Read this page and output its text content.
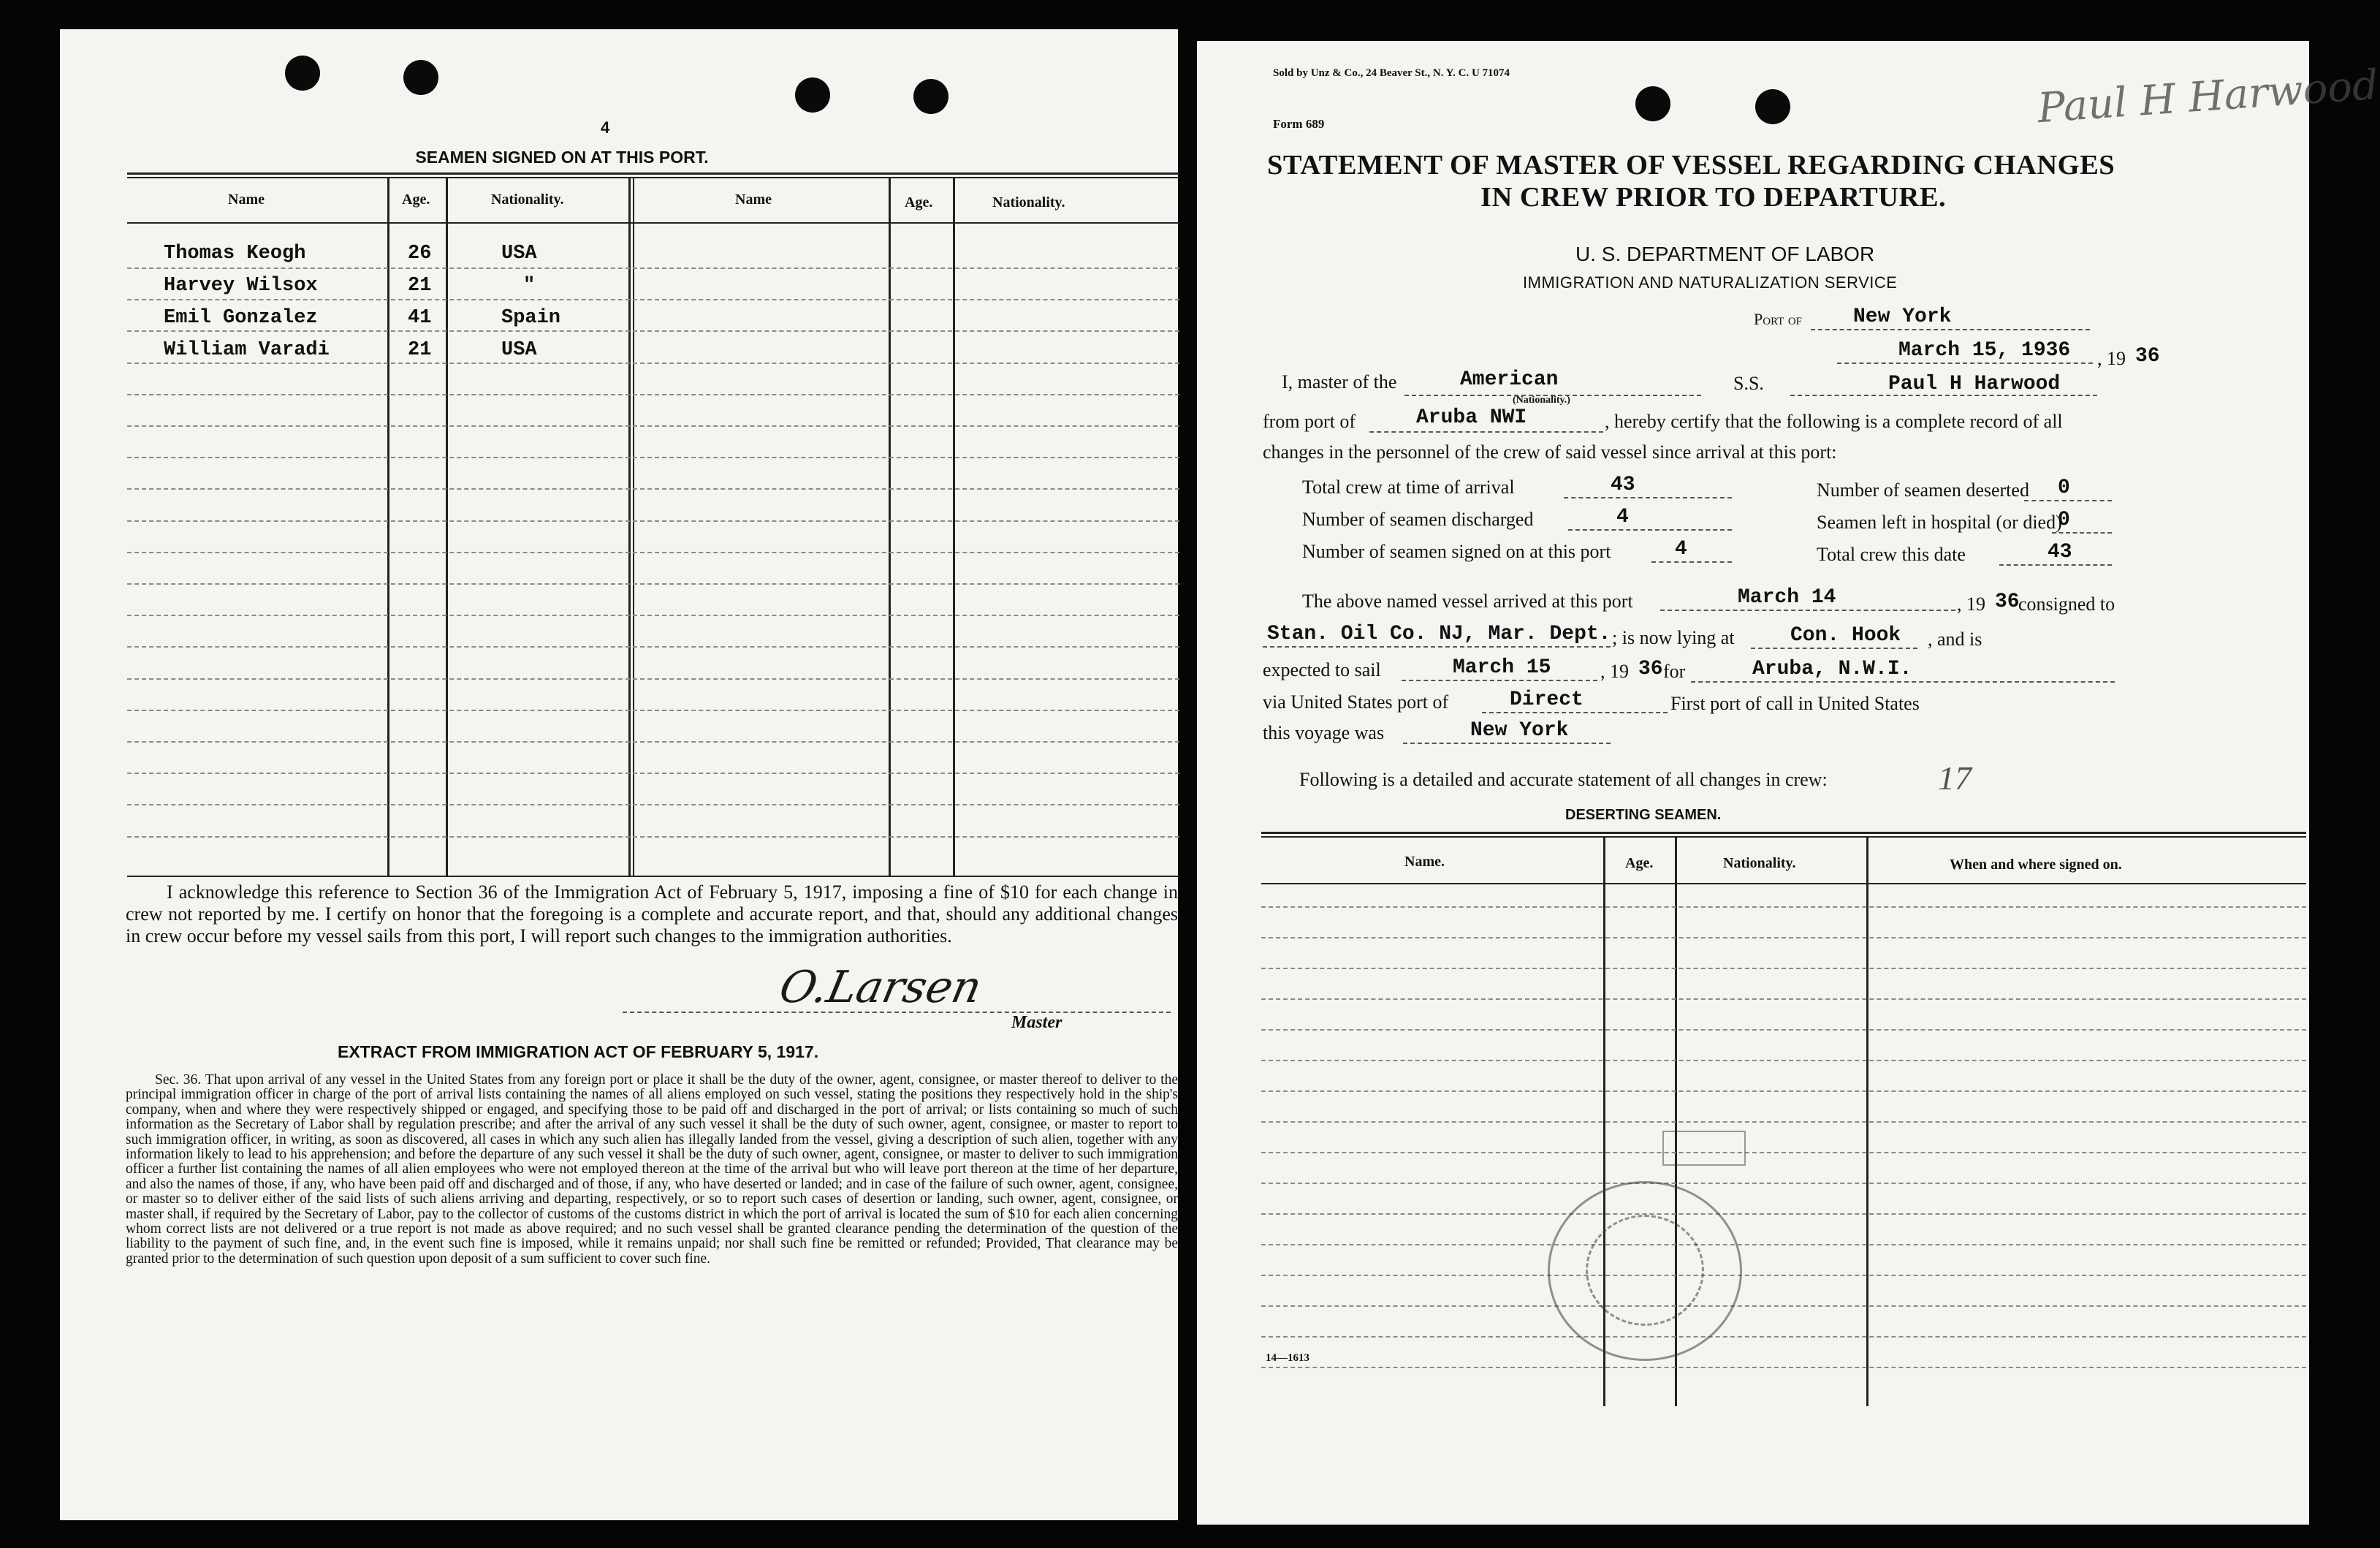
4
SEAMEN SIGNED ON AT THIS PORT.
Name	Age.	Nationality.	Name	Age.	Nationality.
Thomas Keogh	26	USA
Harvey Wilsox	21	"
Emil Gonzalez	41	Spain
William Varadi	21	USA
I acknowledge this reference to Section 36 of the Immigration Act of February 5, 1917, imposing a fine of $10 for each change in crew not reported by me. I certify on honor that the foregoing is a complete and accurate report, and that, should any additional changes in crew occur before my vessel sails from this port, I will report such changes to the immigration authorities.
O.Larsen
Master
EXTRACT FROM IMMIGRATION ACT OF FEBRUARY 5, 1917.
Sec. 36. That upon arrival of any vessel in the United States from any foreign port or place it shall be the duty of the owner, agent, consignee, or master thereof to deliver to the principal immigration officer in charge of the port of arrival lists containing the names of all aliens employed on such vessel, stating the positions they respectively hold in the ship's company, when and where they were respectively shipped or engaged, and specifying those to be paid off and discharged in the port of arrival; or lists containing so much of such information as the Secretary of Labor shall by regulation prescribe; and after the arrival of any such vessel it shall be the duty of such owner, agent, consignee, or master to report to such immigration officer, in writing, as soon as discovered, all cases in which any such alien has illegally landed from the vessel, giving a description of such alien, together with any information likely to lead to his apprehension; and before the departure of any such vessel it shall be the duty of such owner, agent, consignee, or master to deliver to such immigration officer a further list containing the names of all alien employees who were not employed thereon at the time of the arrival but who will leave port thereon at the time of her departure, and also the names of those, if any, who have been paid off and discharged and of those, if any, who have deserted or landed; and in case of the failure of such owner, agent, consignee, or master so to deliver either of the said lists of such aliens arriving and departing, respectively, or so to report such cases of desertion or landing, such owner, agent, consignee, or master shall, if required by the Secretary of Labor, pay to the collector of customs of the customs district in which the port of arrival is located the sum of $10 for each alien concerning whom correct lists are not delivered or a true report is not made as above required; and no such vessel shall be granted clearance pending the determination of the question of the liability to the payment of such fine, and, in the event such fine is imposed, while it remains unpaid; nor shall such fine be remitted or refunded; Provided, That clearance may be granted prior to the determination of such question upon deposit of a sum sufficient to cover such fine.
Sold by Unz & Co., 24 Beaver St., N. Y. C. U 71074
Form 689	Paul H Harwood
STATEMENT OF MASTER OF VESSEL REGARDING CHANGES
IN CREW PRIOR TO DEPARTURE.
U. S. DEPARTMENT OF LABOR
IMMIGRATION AND NATURALIZATION SERVICE
Port of New York
March 15, 1936 , 19 36
I, master of the	American
(Nationality.)
S.S.	Paul H Harwood
from port of	Aruba NWI	, hereby certify that the following is a complete record of all
changes in the personnel of the crew of said vessel since arrival at this port:
Total crew at time of arrival	43	Number of seamen deserted 0
Number of seamen discharged	4	Seamen left in hospital (or died)
0
Number of seamen signed on at this port	4	Total crew this date	43
The above named vessel arrived at this port	March 14	, 19 36
consigned to
Stan. Oil Co. NJ, Mar. Dept. ; is now lying at	Con. Hook , and is
expected to sail	March 15	, 19 36 for	Aruba, N.W.I.
via United States port of	Direct	First port of call in United States
this voyage was	New York
Following is a detailed and accurate statement of all changes in crew:	17
DESERTING SEAMEN.
Name.	Age.	Nationality.	When and where signed on.
14—1613
